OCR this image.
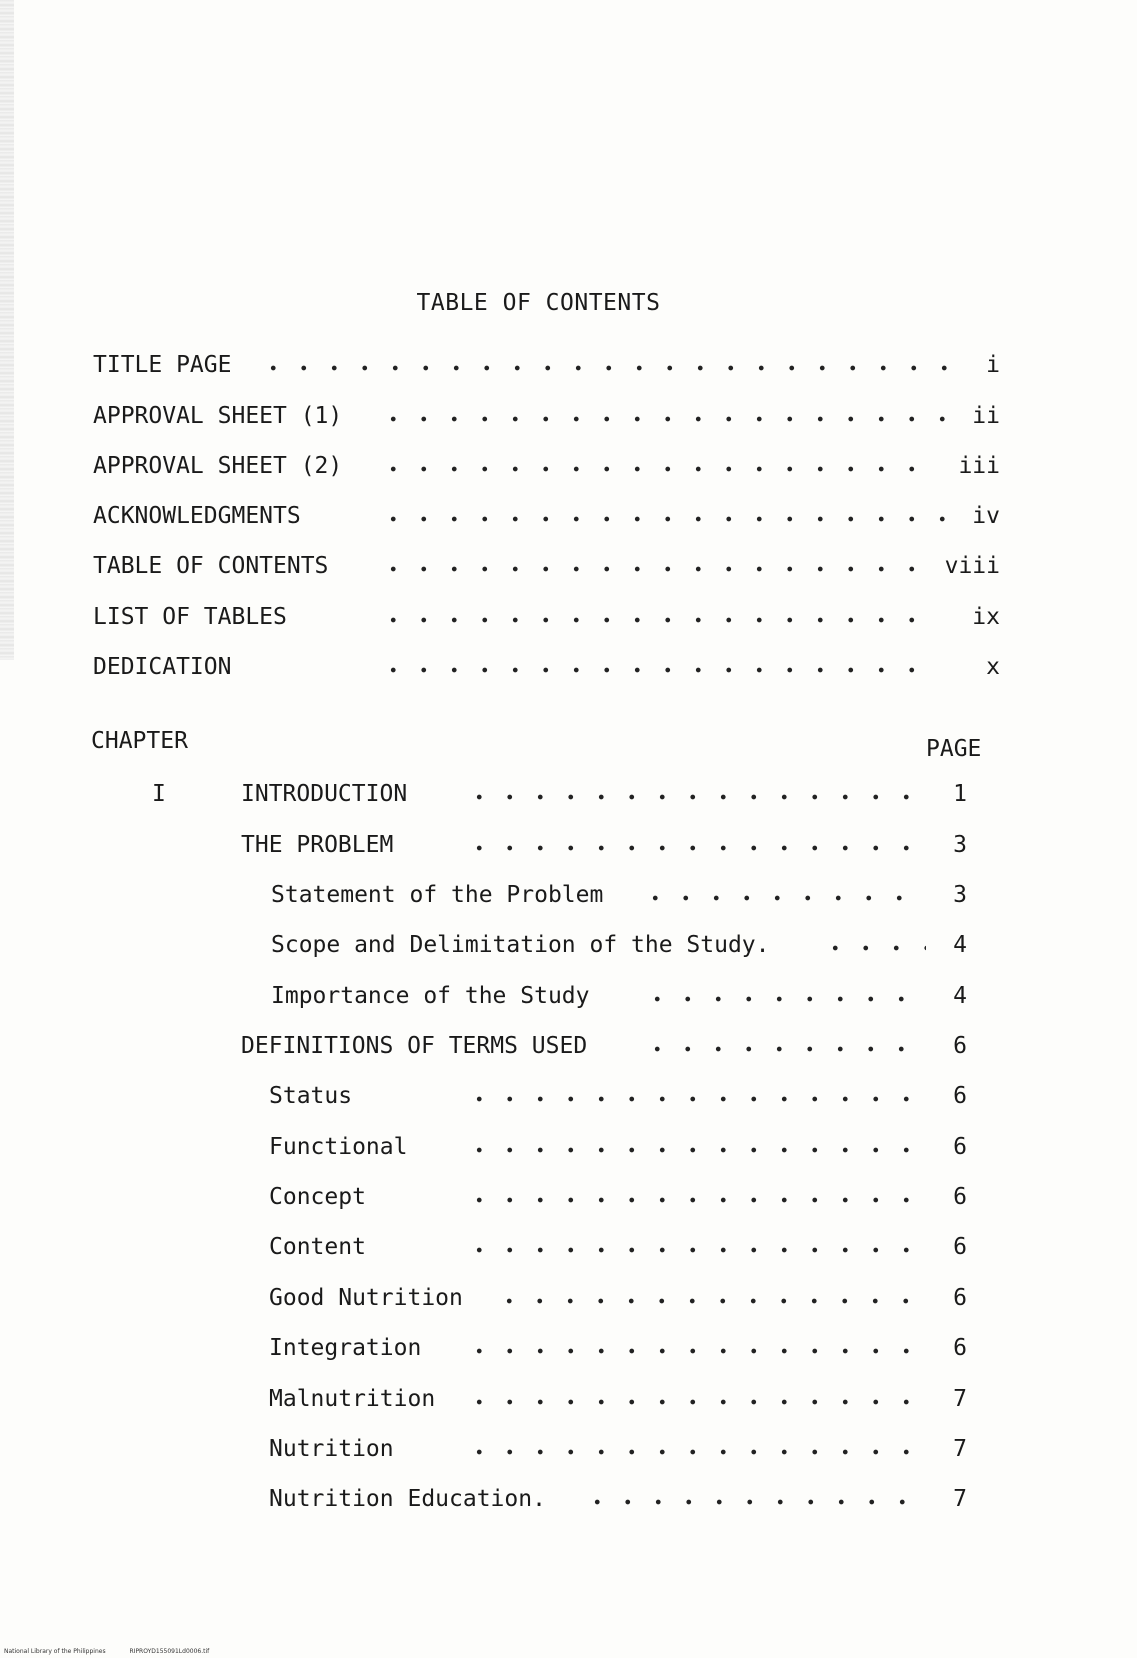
TABLE OF CONTENTS
TITLE PAGE	i
APPROVAL SHEET (1)	ii
APPROVAL SHEET (2)	iii
ACKNOWLEDGMENTS	iv
TABLE OF CONTENTS	viii
LIST OF TABLES	ix
DEDICATION	x
CHAPTER	PAGE
I	INTRODUCTION	1
THE PROBLEM	3
Statement of the Problem	3
Scope and Delimitation of the Study.	4
Importance of the Study	4
DEFINITIONS OF TERMS USED	6
Status	6
Functional	6
Concept	6
Content	6
Good Nutrition	6
Integration	6
Malnutrition	7
Nutrition	7
Nutrition Education.	7
National Library of the Philippines	RIPROYD155091Ld0006.tif
